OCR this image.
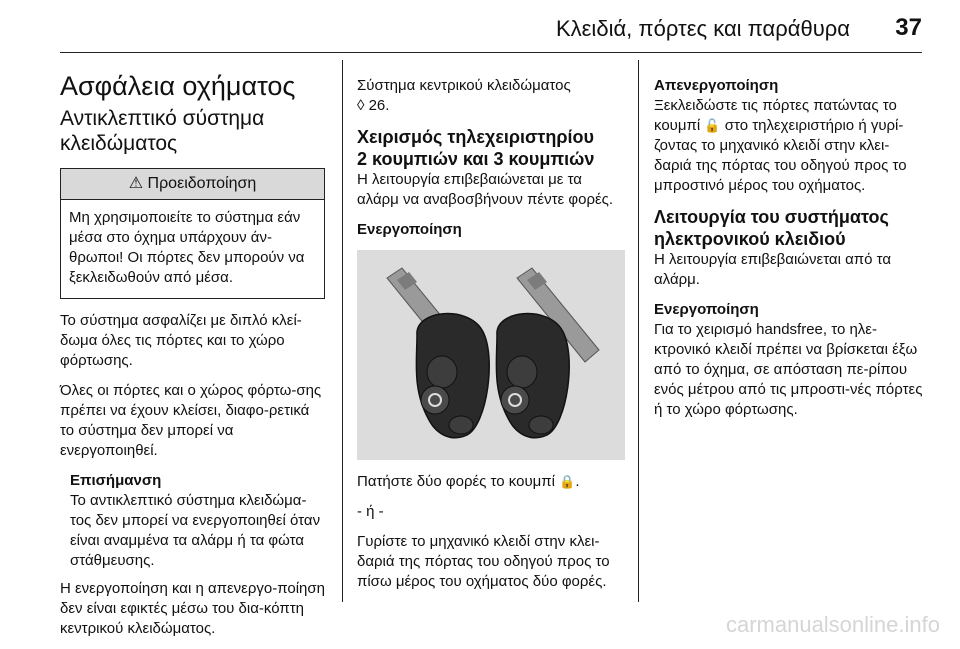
Κλειδιά, πόρτες και παράθυρα 37
Ασφάλεια οχήματος
Αντικλεπτικό σύστημα
κλειδώματος
⚠ Προειδοποίηση
Μη χρησιμοποιείτε το σύστημα εάν μέσα στο όχημα υπάρχουν άν-θρωποι! Οι πόρτες δεν μπορούν να ξεκλειδωθούν από μέσα.

Το σύστημα ασφαλίζει με διπλό κλεί-δωμα όλες τις πόρτες και το χώρο φόρτωσης.

Όλες οι πόρτες και ο χώρος φόρτω-σης πρέπει να έχουν κλείσει, διαφο-ρετικά το σύστημα δεν μπορεί να ενεργοποιηθεί.

Επισήμανση
Το αντικλεπτικό σύστημα κλειδώμα-τος δεν μπορεί να ενεργοποιηθεί όταν είναι αναμμένα τα αλάρμ ή τα φώτα στάθμευσης.

Η ενεργοποίηση και η απενεργο-ποίηση δεν είναι εφικτές μέσω του δια-κόπτη κεντρικού κλειδώματος.

Σύστημα κεντρικού κλειδώματος
◊ 26.
Χειρισμός τηλεχειριστηρίου
2 κουμπιών και 3 κουμπιών

Η λειτουργία επιβεβαιώνεται με τα αλάρμ να αναβοσβήνουν πέντε φορές.

Ενεργοποίηση

Πατήστε δύο φορές το κουμπί 🔒.

- ή -

Γυρίστε το μηχανικό κλειδί στην κλει-δαριά της πόρτας του οδηγού προς το πίσω μέρος του οχήματος δύο φορές.

Απενεργοποίηση

Ξεκλειδώστε τις πόρτες πατώντας το κουμπί 🔓 στο τηλεχειριστήριο ή γυρί-ζοντας το μηχανικό κλειδί στην κλει-δαριά της πόρτας του οδηγού προς το μπροστινό μέρος του οχήματος.

Λειτουργία του συστήματος
ηλεκτρονικού κλειδιού

Η λειτουργία επιβεβαιώνεται από τα αλάρμ.

Ενεργοποίηση

Για το χειρισμό handsfree, το ηλε-κτρονικό κλειδί πρέπει να βρίσκεται έξω από το όχημα, σε απόσταση πε-ρίπου ενός μέτρου από τις μπροστι-νές πόρτες ή το χώρο φόρτωσης.

carmanualsonline.info
